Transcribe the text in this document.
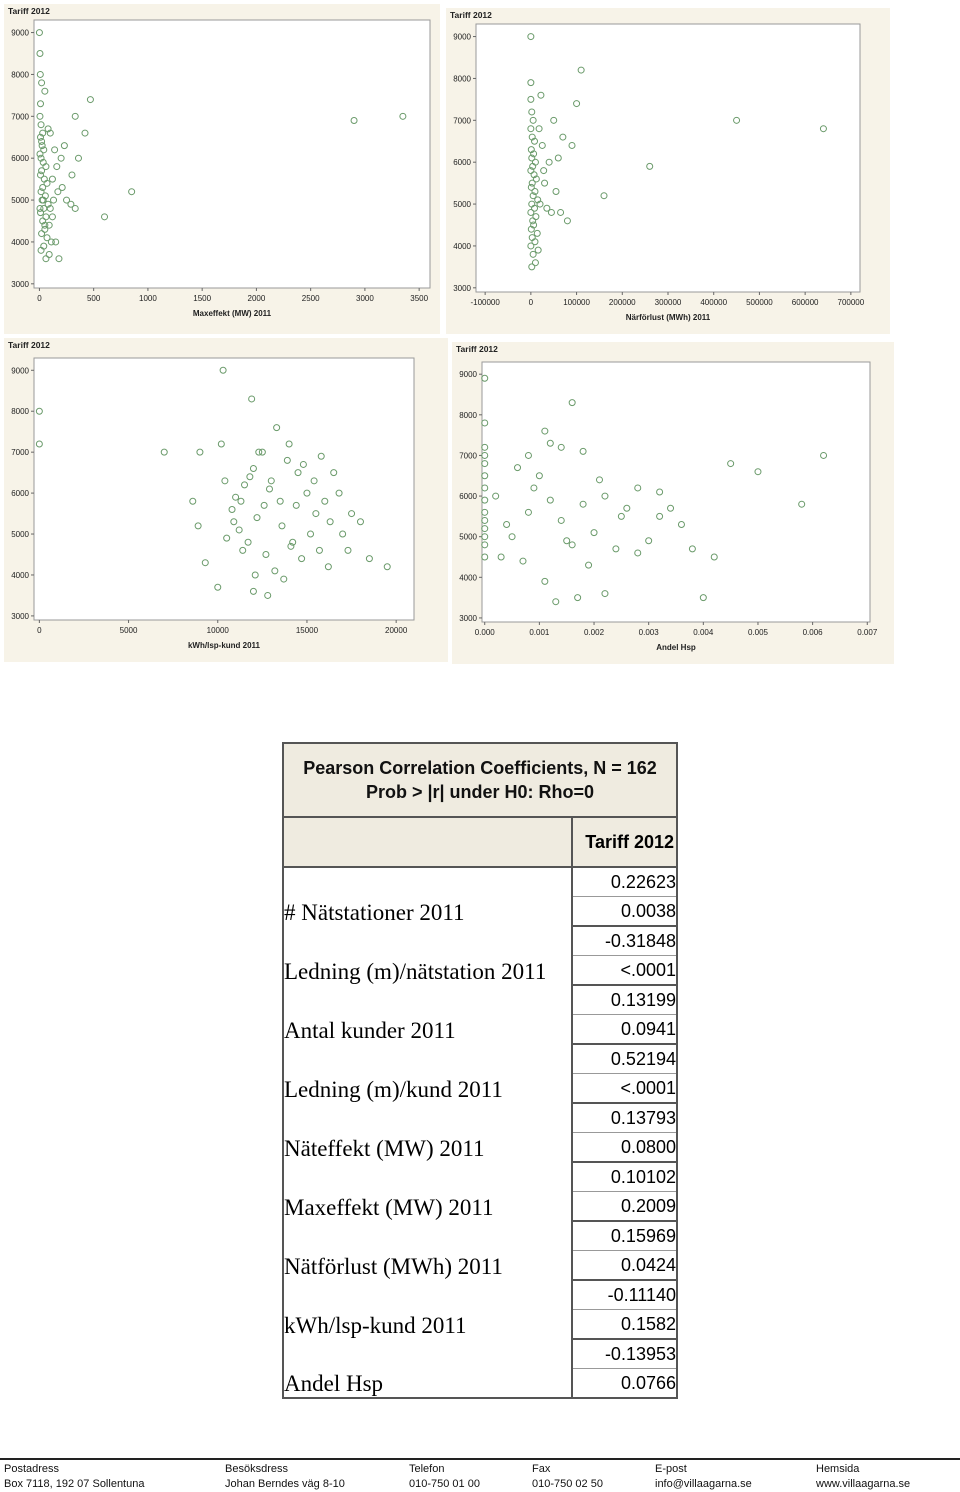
Tariff 2012
3000
4000
5000
6000
7000
8000
9000
0	500	1000	1500	2000	2500	3000	3500
Maxeffekt (MW) 2011
Tariff 2012
3000
4000
5000
6000
7000
8000
9000
-100000	0	100000 200000 300000 400000 500000 600000 700000
Närförlust (MWh) 2011
Tariff 2012
3000
4000
5000
6000
7000
8000
9000
0	5000	10000	15000	20000
kWh/lsp-kund 2011
Tariff 2012
3000
4000
5000
6000
7000
8000
9000
0.000	0.001	0.002	0.003	0.004	0.005	0.006	0.007
Andel Hsp
Pearson Correlation Coefficients, N = 162 Prob > |r| under H0: Rho=0	
	Tariff 2012
# Nätstationer 2011	0.22623
	0.0038
Ledning (m)/nätstation 2011	-0.31848
	<.0001
Antal kunder 2011	0.13199
	0.0941
Ledning (m)/kund 2011	0.52194
	<.0001
Näteffekt (MW) 2011	0.13793
	0.0800
Maxeffekt (MW) 2011	0.10102
	0.2009
Nätförlust (MWh) 2011	0.15969
	0.0424
kWh/lsp-kund 2011	-0.11140
	0.1582
Andel Hsp	-0.13953
	0.0766
Postadress
Box 7118, 192 07 Sollentuna
Besöksdress
Johan Berndes väg 8-10
Telefon
010-750 01 00
Fax
010-750 02 50
E-post
info@villaagarna.se
Hemsida
www.villaagarna.se
